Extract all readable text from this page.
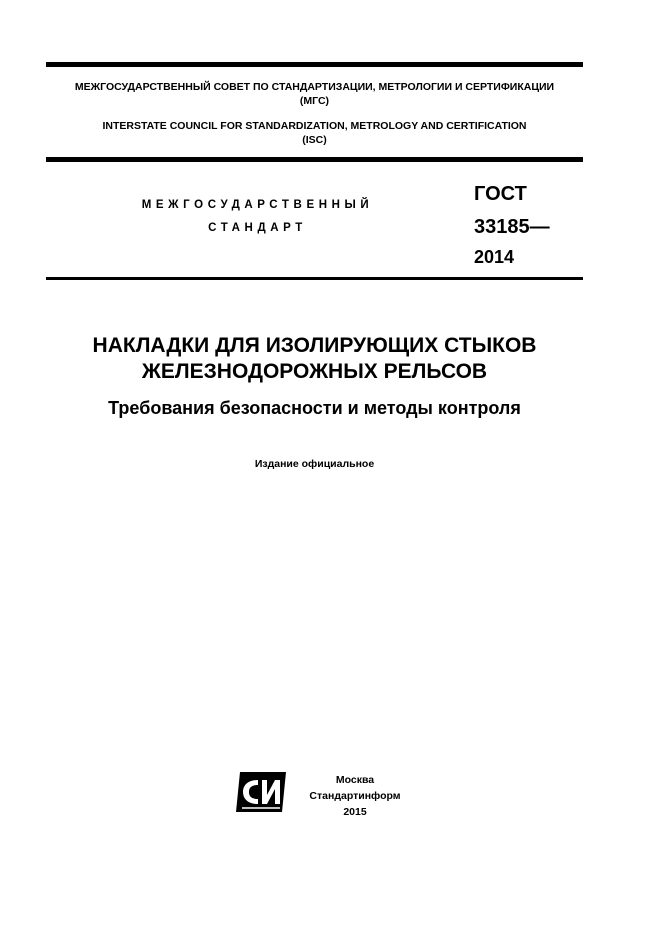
МЕЖГОСУДАРСТВЕННЫЙ СОВЕТ ПО СТАНДАРТИЗАЦИИ, МЕТРОЛОГИИ И СЕРТИФИКАЦИИ
(МГС)
INTERSTATE COUNCIL FOR STANDARDIZATION, METROLOGY AND CERTIFICATION
(ISC)
МЕЖГОСУДАРСТВЕННЫЙ
СТАНДАРТ
ГОСТ
33185—
2014
НАКЛАДКИ ДЛЯ ИЗОЛИРУЮЩИХ СТЫКОВ
ЖЕЛЕЗНОДОРОЖНЫХ РЕЛЬСОВ
Требования безопасности и методы контроля
Издание официальное
Москва
Стандартинформ
2015
